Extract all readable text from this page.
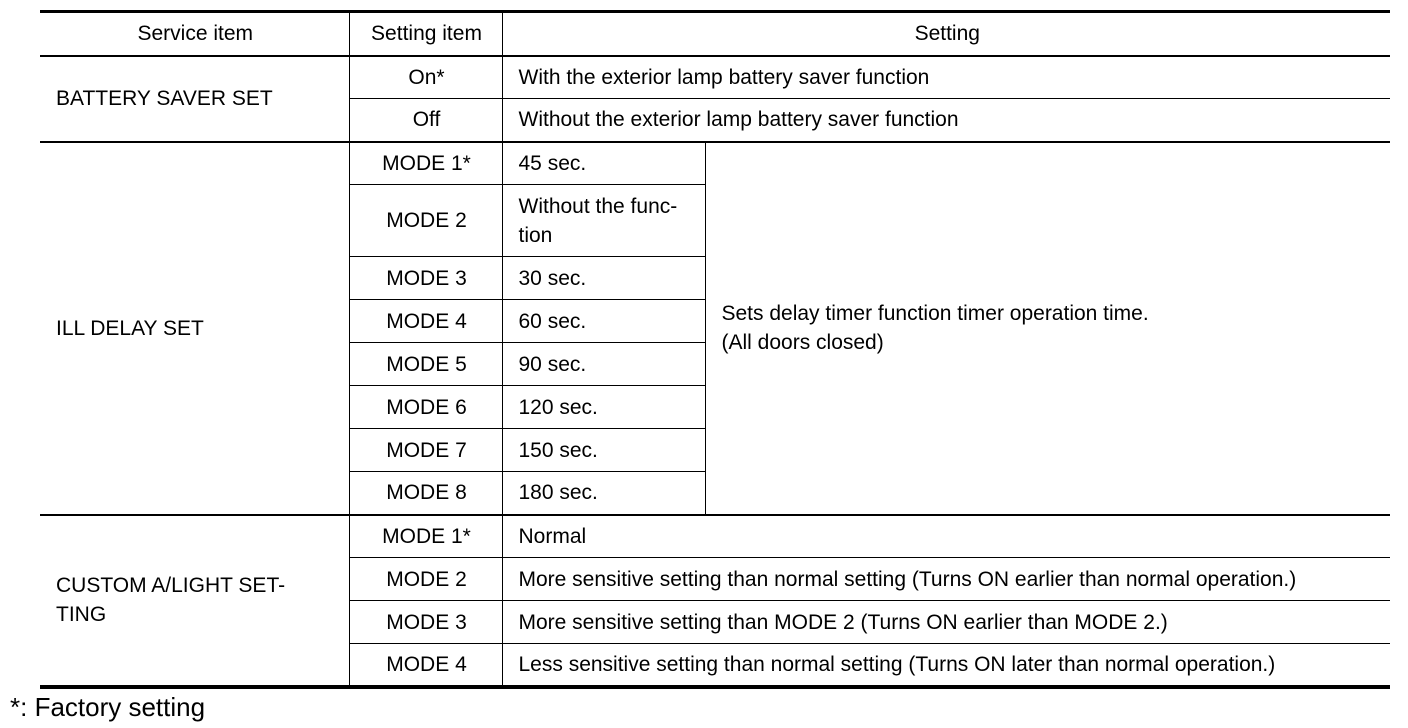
Service item	Setting item	Setting	
BATTERY SAVER SET	On*	With the exterior lamp battery saver function	
	Off	Without the exterior lamp battery saver function	
ILL DELAY SET	MODE 1*	45 sec.	Sets delay timer function timer operation time.
(All doors closed)

	MODE 2	Without the func-tion	
	MODE 3	30 sec.	
	MODE 4	60 sec.	
	MODE 5	90 sec.	
	MODE 6	120 sec.	
	MODE 7	150 sec.	
	MODE 8	180 sec.	

CUSTOM A/LIGHT SET-
TING	MODE 1*	Normal	
	MODE 2	More sensitive setting than normal setting (Turns ON earlier than normal operation.)	
	MODE 3	More sensitive setting than MODE 2 (Turns ON earlier than MODE 2.)	
	MODE 4	Less sensitive setting than normal setting (Turns ON later than normal operation.)	
*: Factory setting
